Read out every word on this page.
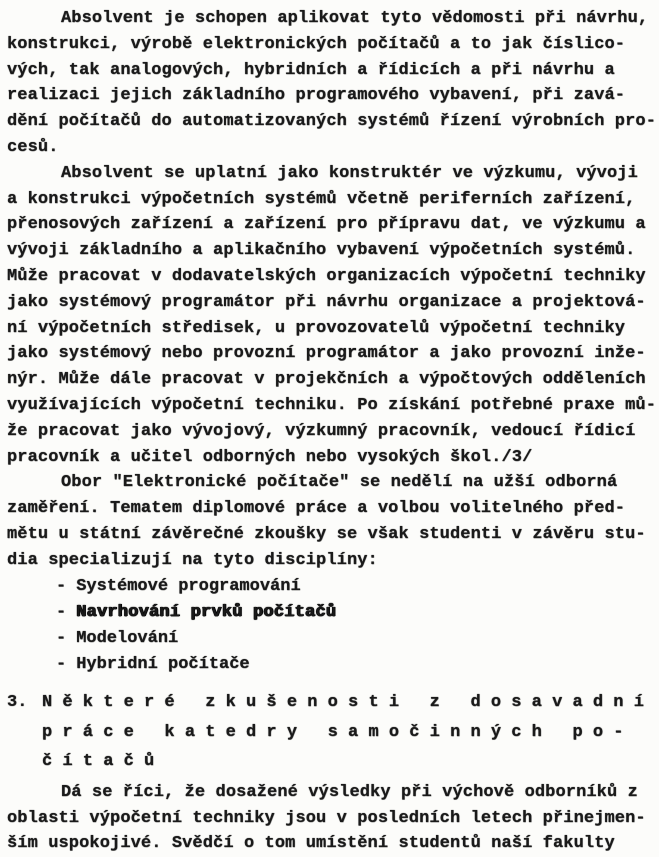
Absolvent je schopen aplikovat tyto vědomosti při návrhu,
konstrukci, výrobě elektronických počítačů a to jak číslico-
vých, tak analogových, hybridních a řídicích a při návrhu a
realizaci jejich základního programového vybavení, při zavá-
dění počítačů do automatizovaných systémů řízení výrobních pro-
cesů.
Absolvent se uplatní jako konstruktér ve výzkumu, vývoji
a konstrukci výpočetních systémů včetně periferních zařízení,
přenosových zařízení a zařízení pro přípravu dat, ve výzkumu a
vývoji základního a aplikačního vybavení výpočetních systémů.
Může pracovat v dodavatelských organizacích výpočetní techniky
jako systémový programátor při návrhu organizace a projektová-
ní výpočetních středisek, u provozovatelů výpočetní techniky
jako systémový nebo provozní programátor a jako provozní inže-
nýr. Může dále pracovat v projekčních a výpočtových odděleních
využívajících výpočetní techniku. Po získání potřebné praxe mů-
že pracovat jako vývojový, výzkumný pracovník, vedoucí řídicí
pracovník a učitel odborných nebo vysokých škol./3/
Obor "Elektronické počítače" se nedělí na užší odborná
zaměření. Tematem diplomové práce a volbou volitelného před-
mětu u státní závěrečné zkoušky se však studenti v závěru stu-
dia specializují na tyto disciplíny:
- Systémové programování
- Navrhování prvků počítačů
- Modelování
- Hybridní počítače
3. N ě k t e r é   z k u š e n o s t i   z   d o s a v a d n í
p r á c e   k a t e d r y   s a m o č i n n ý c h   p o -
č í t a č ů
Dá se říci, že dosažené výsledky při výchově odborníků z
oblasti výpočetní techniky jsou v posledních letech přinejmen-
ším uspokojivé. Svědčí o tom umístění studentů naší fakulty
